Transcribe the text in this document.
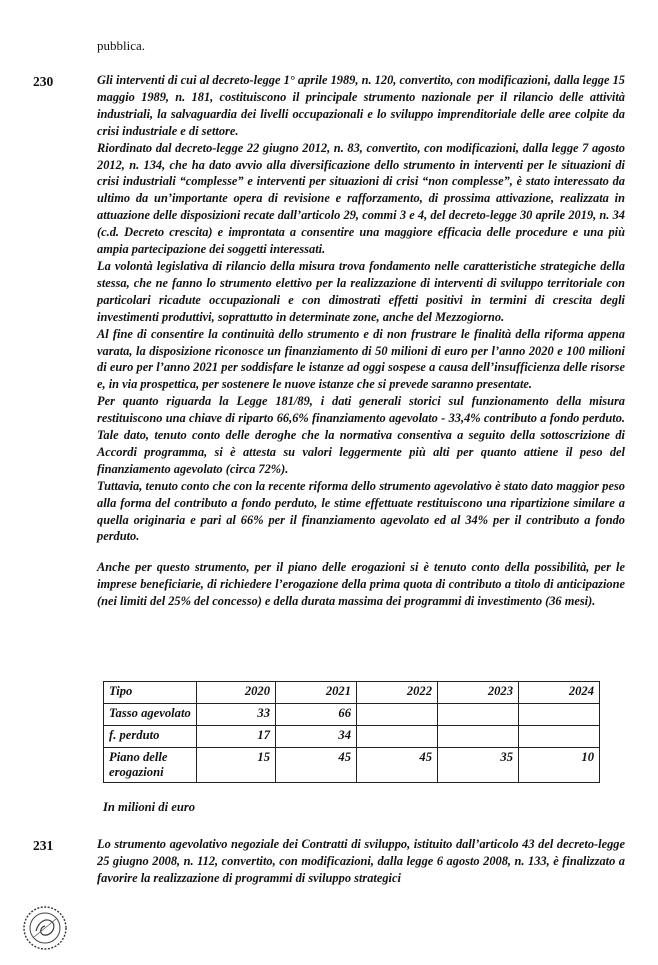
pubblica.
230	Gli interventi di cui al decreto-legge 1° aprile 1989, n. 120, convertito, con modificazioni, dalla legge 15 maggio 1989, n. 181, costituiscono il principale strumento nazionale per il rilancio delle attività industriali, la salvaguardia dei livelli occupazionali e lo sviluppo imprenditoriale delle aree colpite da crisi industriale e di settore.

Riordinato dal decreto-legge 22 giugno 2012, n. 83, convertito, con modificazioni, dalla legge 7 agosto 2012, n. 134, che ha dato avvio alla diversificazione dello strumento in interventi per le situazioni di crisi industriali “complesse” e interventi per situazioni di crisi “non complesse”, è stato interessato da ultimo da un’importante opera di revisione e rafforzamento, di prossima attivazione, realizzata in attuazione delle disposizioni recate dall’articolo 29, commi 3 e 4, del decreto-legge 30 aprile 2019, n. 34 (c.d. Decreto crescita) e improntata a consentire una maggiore efficacia delle procedure e una più ampia partecipazione dei soggetti interessati.

La volontà legislativa di rilancio della misura trova fondamento nelle caratteristiche strategiche della stessa, che ne fanno lo strumento elettivo per la realizzazione di interventi di sviluppo territoriale con particolari ricadute occupazionali e con dimostrati effetti positivi in termini di crescita degli investimenti produttivi, soprattutto in determinate zone, anche del Mezzogiorno.

Al fine di consentire la continuità dello strumento e di non frustrare le finalità della riforma appena varata, la disposizione riconosce un finanziamento di 50 milioni di euro per l’anno 2020 e 100 milioni di euro per l’anno 2021 per soddisfare le istanze ad oggi sospese a causa dell’insufficienza delle risorse e, in via prospettica, per sostenere le nuove istanze che si prevede saranno presentate.

Per quanto riguarda la Legge 181/89, i dati generali storici sul funzionamento della misura restituiscono una chiave di riparto 66,6% finanziamento agevolato - 33,4% contributo a fondo perduto. Tale dato, tenuto conto delle deroghe che la normativa consentiva a seguito della sottoscrizione di Accordi programma, si è attesta su valori leggermente più alti per quanto attiene il peso del finanziamento agevolato (circa 72%).

Tuttavia, tenuto conto che con la recente riforma dello strumento agevolativo è stato dato maggior peso alla forma del contributo a fondo perduto, le stime effettuate restituiscono una ripartizione similare a quella originaria e pari al 66% per il finanziamento agevolato ed al 34% per il contributo a fondo perduto.

Anche per questo strumento, per il piano delle erogazioni si è tenuto conto della possibilità, per le imprese beneficiarie, di richiedere l’erogazione della prima quota di contributo a titolo di anticipazione (nei limiti del 25% del concesso) e della durata massima dei programmi di investimento (36 mesi).

Tipo	2020	2021	2022	2023	2024
Tasso agevolato	33	66			
f. perduto	17	34			
Piano delle erogazioni	15	45	45	35	10
In milioni di euro
231	Lo strumento agevolativo negoziale dei Contratti di sviluppo, istituito dall’articolo 43 del decreto-legge 25 giugno 2008, n. 112, convertito, con modificazioni, dalla legge 6 agosto 2008, n. 133, è finalizzato a favorire la realizzazione di programmi di sviluppo strategici
